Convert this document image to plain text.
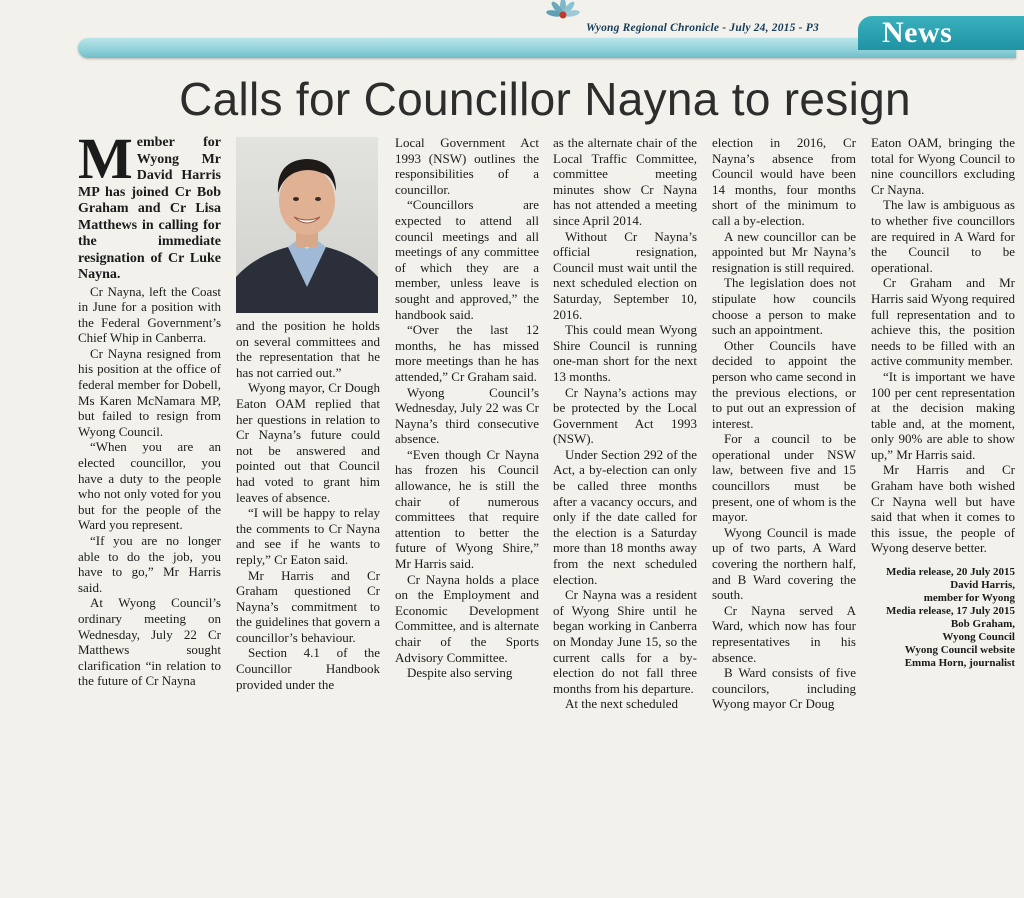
Wyong Regional Chronicle - July 24, 2015 - P3 News
Calls for Councillor Nayna to resign

Member for Wyong Mr David Harris MP has joined Cr Bob Graham and Cr Lisa Matthews in calling for the immediate resignation of Cr Luke Nayna.

Cr Nayna, left the Coast in June for a position with the Federal Government’s Chief Whip in Canberra.

Cr Nayna resigned from his position at the office of federal member for Dobell, Ms Karen McNamara MP, but failed to resign from Wyong Council.

“When you are an elected councillor, you have a duty to the people who not only voted for you but for the people of the Ward you represent.

“If you are no longer able to do the job, you have to go,” Mr Harris said.

At Wyong Council’s ordinary meeting on Wednesday, July 22 Cr Matthews sought clarification “in relation to the future of Cr Nayna

and the position he holds on several committees and the representation that he has not carried out.”

Wyong mayor, Cr Dough Eaton OAM replied that her questions in relation to Cr Nayna’s future could not be answered and pointed out that Council had voted to grant him leaves of absence.

“I will be happy to relay the comments to Cr Nayna and see if he wants to reply,” Cr Eaton said.

Mr Harris and Cr Graham questioned Cr Nayna’s commitment to the guidelines that govern a councillor’s behaviour.

Section 4.1 of the Councillor Handbook provided under the

Local Government Act 1993 (NSW) outlines the responsibilities of a councillor.

“Councillors are expected to attend all council meetings and all meetings of any committee of which they are a member, unless leave is sought and approved,” the handbook said.

“Over the last 12 months, he has missed more meetings than he has attended,” Cr Graham said.

Wyong Council’s Wednesday, July 22 was Cr Nayna’s third consecutive absence.

“Even though Cr Nayna has frozen his Council allowance, he is still the chair of numerous committees that require attention to better the future of Wyong Shire,” Mr Harris said.

Cr Nayna holds a place on the Employment and Economic Development Committee, and is alternate chair of the Sports Advisory Committee.

Despite also serving

as the alternate chair of the Local Traffic Committee, committee meeting minutes show Cr Nayna has not attended a meeting since April 2014.

Without Cr Nayna’s official resignation, Council must wait until the next scheduled election on Saturday, September 10, 2016.

This could mean Wyong Shire Council is running one-man short for the next 13 months.

Cr Nayna’s actions may be protected by the Local Government Act 1993 (NSW).

Under Section 292 of the Act, a by-election can only be called three months after a vacancy occurs, and only if the date called for the election is a Saturday more than 18 months away from the next scheduled election.

Cr Nayna was a resident of Wyong Shire until he began working in Canberra on Monday June 15, so the current calls for a by-election do not fall three months from his departure.

At the next scheduled

election in 2016, Cr Nayna’s absence from Council would have been 14 months, four months short of the minimum to call a by-election.

A new councillor can be appointed but Mr Nayna’s resignation is still required.

The legislation does not stipulate how councils choose a person to make such an appointment.

Other Councils have decided to appoint the person who came second in the previous elections, or to put out an expression of interest.

For a council to be operational under NSW law, between five and 15 councillors must be present, one of whom is the mayor.

Wyong Council is made up of two parts, A Ward covering the northern half, and B Ward covering the south.

Cr Nayna served A Ward, which now has four representatives in his absence.

B Ward consists of five councilors, including Wyong mayor Cr Doug

Eaton OAM, bringing the total for Wyong Council to nine councillors excluding Cr Nayna.

The law is ambiguous as to whether five councillors are required in A Ward for the Council to be operational.

Cr Graham and Mr Harris said Wyong required full representation and to achieve this, the position needs to be filled with an active community member.

“It is important we have 100 per cent representation at the decision making table and, at the moment, only 90% are able to show up,” Mr Harris said.

Mr Harris and Cr Graham have both wished Cr Nayna well but have said that when it comes to this issue, the people of Wyong deserve better.

Media release, 20 July 2015
David Harris,
member for Wyong
Media release, 17 July 2015
Bob Graham,
Wyong Council
Wyong Council website
Emma Horn, journalist
